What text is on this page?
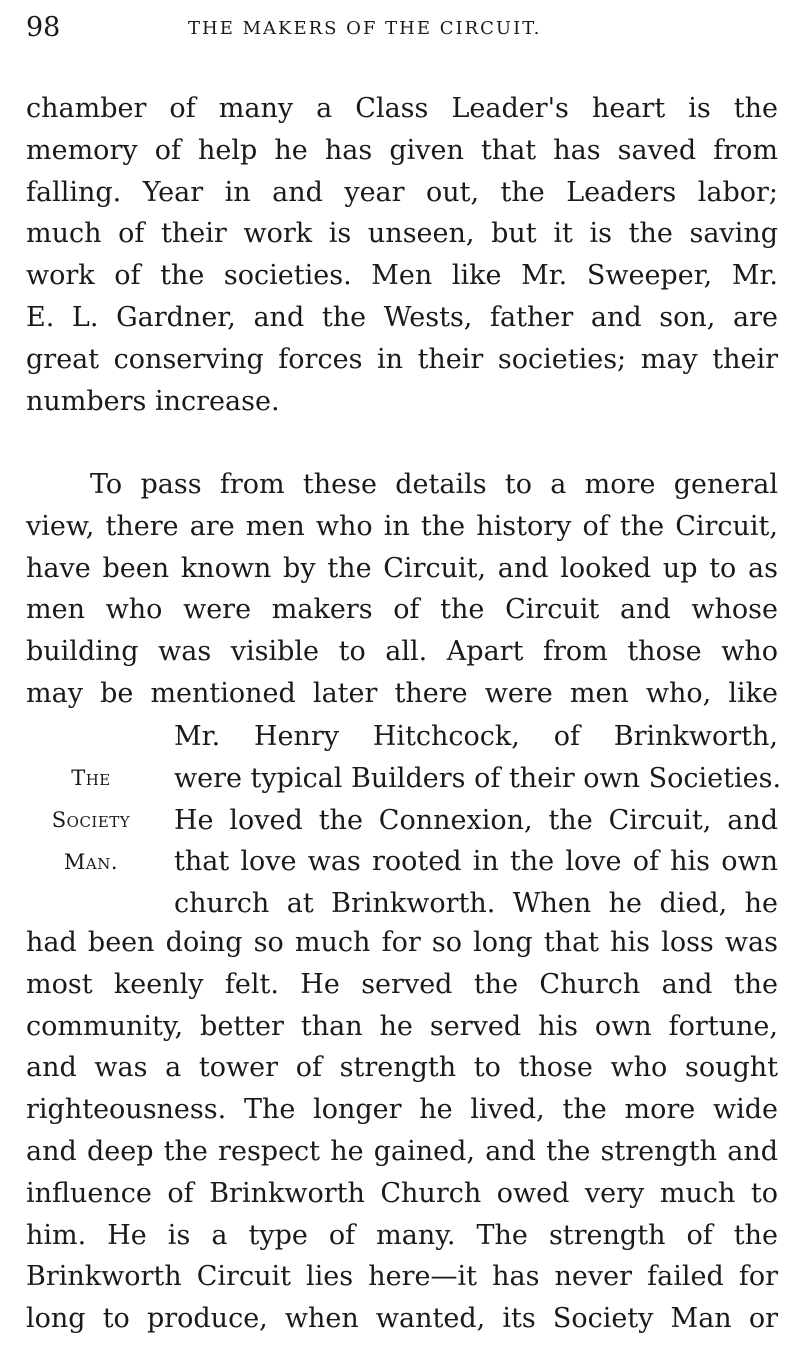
98	THE MAKERS OF THE CIRCUIT.
chamber of many a Class Leader's heart is the
memory of help he has given that has saved from
falling. Year in and year out, the Leaders labor;
much of their work is unseen, but it is the saving
work of the societies. Men like Mr. Sweeper, Mr.
E. L. Gardner, and the Wests, father and son, are
great conserving forces in their societies; may their
numbers increase.
To pass from these details to a more general
view, there are men who in the history of the Circuit,
have been known by the Circuit, and looked up to as
men who were makers of the Circuit and whose
building was visible to all. Apart from those who
may be mentioned later there were men who, like
The
Society
Man.
Mr. Henry Hitchcock, of Brinkworth,
were typical Builders of their own Societies.
He loved the Connexion, the Circuit, and
that love was rooted in the love of his own
church at Brinkworth. When he died, he
had been doing so much for so long that his loss was
most keenly felt. He served the Church and the
community, better than he served his own fortune,
and was a tower of strength to those who sought
righteousness. The longer he lived, the more wide
and deep the respect he gained, and the strength and
influence of Brinkworth Church owed very much to
him. He is a type of many. The strength of the
Brinkworth Circuit lies here—it has never failed for
long to produce, when wanted, its Society Man or
